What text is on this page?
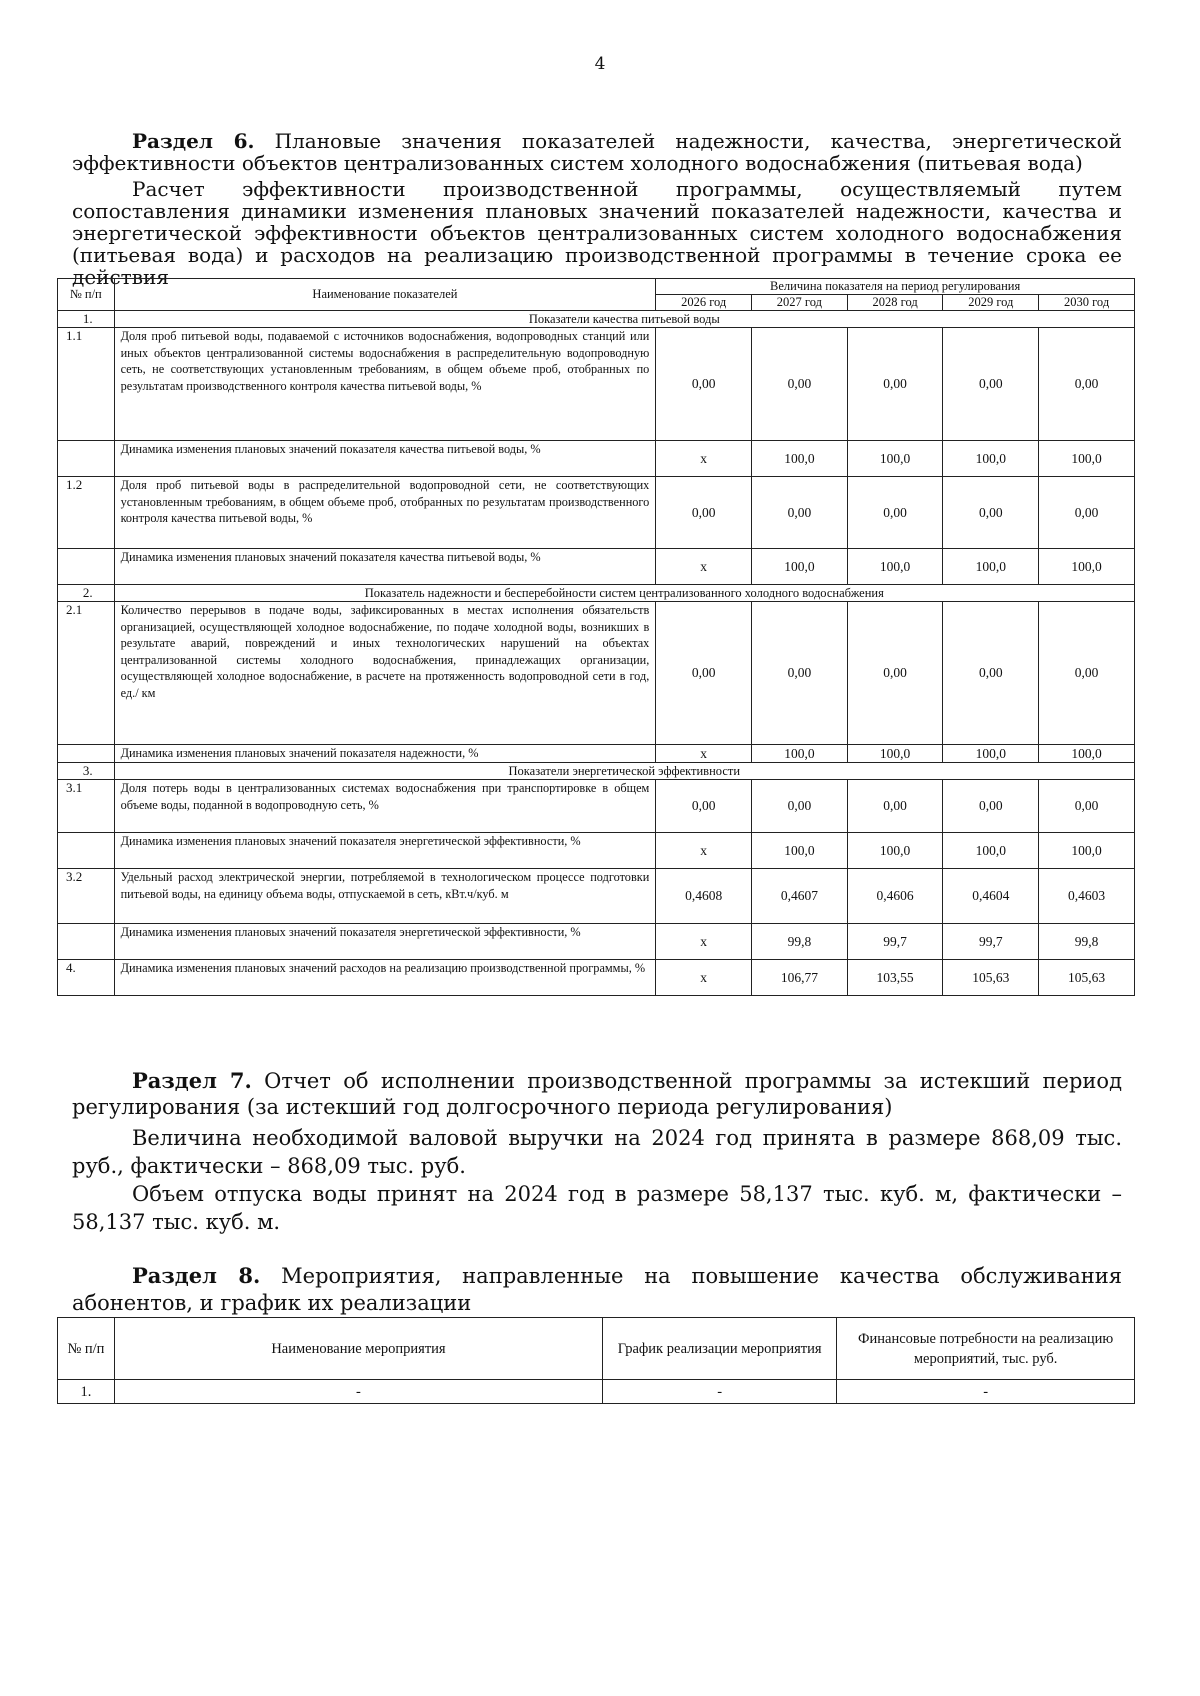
4
Раздел 6. Плановые значения показателей надежности, качества, энергетической эффективности объектов централизованных систем холодного водоснабжения (питьевая вода)
Расчет эффективности производственной программы, осуществляемый путем сопоставления динамики изменения плановых значений показателей надежности, качества и энергетической эффективности объектов централизованных систем холодного водоснабжения (питьевая вода) и расходов на реализацию производственной программы в течение срока ее действия
№ п/п	Наименование показателей	Величина показателя на период регулирования				
		2026 год	2027 год	2028 год	2029 год	2030 год
1.	Показатели качества питьевой воды					
1.1	Доля проб питьевой воды, подаваемой с источников водоснабжения, водопроводных станций или иных объектов централизованной системы водоснабжения в распределительную водопроводную сеть, не соответствующих установленным требованиям, в общем объеме проб, отобранных по результатам производственного контроля качества питьевой воды, %	0,00	0,00	0,00	0,00	0,00
	Динамика изменения плановых значений показателя качества питьевой воды, %	х	100,0	100,0	100,0	100,0
1.2	Доля проб питьевой воды в распределительной водопроводной сети, не соответствующих установленным требованиям, в общем объеме проб, отобранных по результатам производственного контроля качества питьевой воды, %	0,00	0,00	0,00	0,00	0,00
	Динамика изменения плановых значений показателя качества питьевой воды, %	х	100,0	100,0	100,0	100,0
2.	Показатель надежности и бесперебойности систем централизованного холодного водоснабжения					
2.1	Количество перерывов в подаче воды, зафиксированных в местах исполнения обязательств организацией, осуществляющей холодное водоснабжение, по подаче холодной воды, возникших в результате аварий, повреждений и иных технологических нарушений на объектах централизованной системы холодного водоснабжения, принадлежащих организации, осуществляющей холодное водоснабжение, в расчете на протяженность водопроводной сети в год, ед./ км	0,00	0,00	0,00	0,00	0,00
	Динамика изменения плановых значений показателя надежности, %	х	100,0	100,0	100,0	100,0
3.	Показатели энергетической эффективности					
3.1	Доля потерь воды в централизованных системах водоснабжения при транспортировке в общем объеме воды, поданной в водопроводную сеть, %	0,00	0,00	0,00	0,00	0,00
	Динамика изменения плановых значений показателя энергетической эффективности, %	х	100,0	100,0	100,0	100,0
3.2	Удельный расход электрической энергии, потребляемой в технологическом процессе подготовки питьевой воды, на единицу объема воды, отпускаемой в сеть, кВт.ч/куб. м	0,4608	0,4607	0,4606	0,4604	0,4603
	Динамика изменения плановых значений показателя энергетической эффективности, %	х	99,8	99,7	99,7	99,8
4.	Динамика изменения плановых значений расходов на реализацию производственной программы, %	х	106,77	103,55	105,63	105,63
Раздел 7. Отчет об исполнении производственной программы за истекший период регулирования (за истекший год долгосрочного периода регулирования)
Величина необходимой валовой выручки на 2024 год принята в размере 868,09 тыс. руб., фактически – 868,09 тыс. руб.
Объем отпуска воды принят на 2024 год в размере 58,137 тыс. куб. м, фактически – 58,137 тыс. куб. м.
Раздел 8. Мероприятия, направленные на повышение качества обслуживания абонентов, и график их реализации
№ п/п	Наименование мероприятия	График реализации мероприятия	Финансовые потребности на реализацию мероприятий, тыс. руб.
1.	-	-	-
